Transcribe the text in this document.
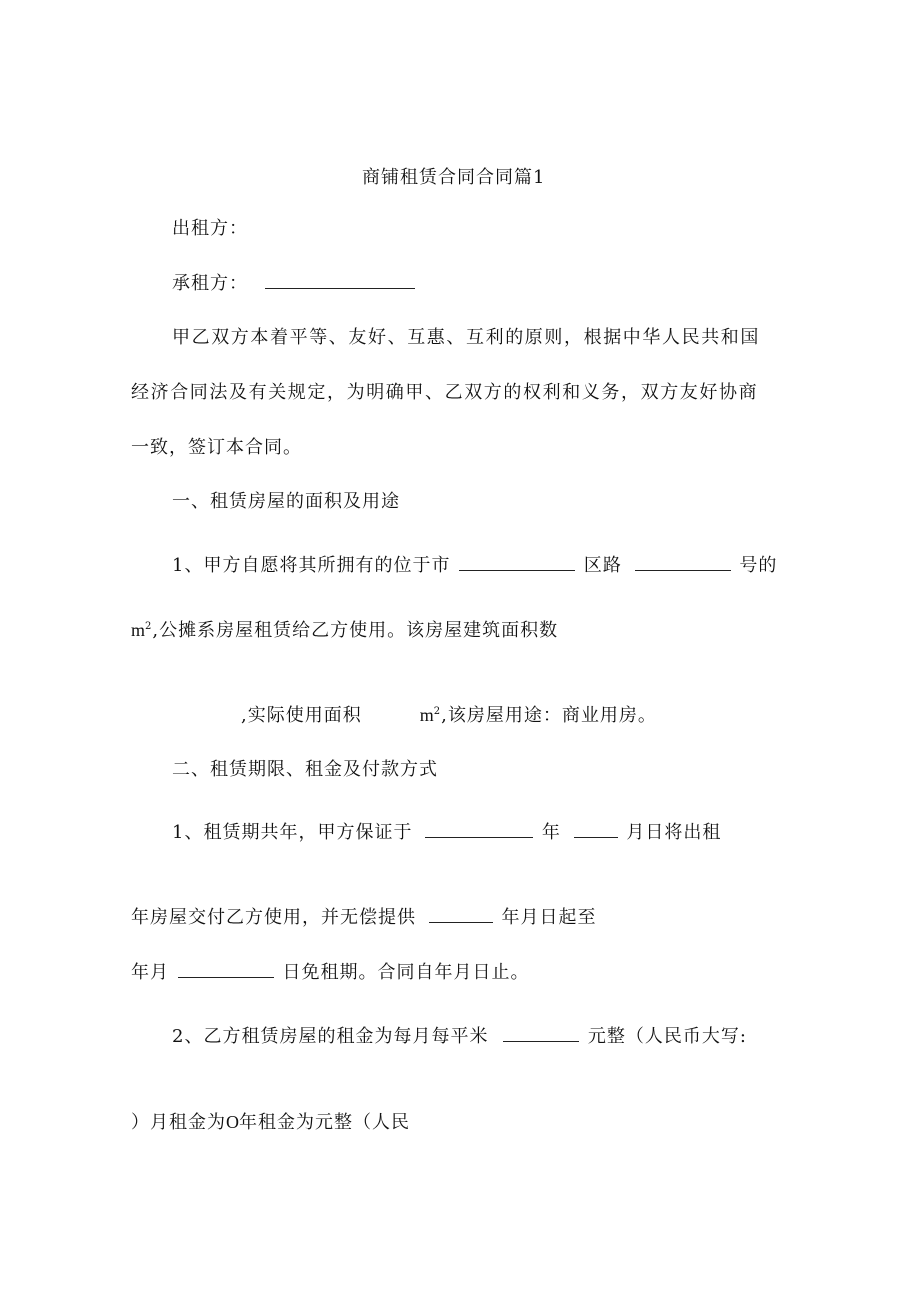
商铺租赁合同合同篇1
出租方：
承租方：
甲乙双方本着平等、友好、互惠、互利的原则，根据中华人民共和国
经济合同法及有关规定，为明确甲、乙双方的权利和义务，双方友好协商
一致，签订本合同。
一、租赁房屋的面积及用途
1、甲方自愿将其所拥有的位于市	区路	号的
$m^2$,公摊系房屋租赁给乙方使用。该房屋建筑面积数
,实际使用面积	$m^2$,该房屋用途：商业用房。
二、租赁期限、租金及付款方式
1、租赁期共年，甲方保证于	年	月日将出租
年房屋交付乙方使用，并无偿提供	年月日起至
年月	日免租期。合同自年月日止。
2、乙方租赁房屋的租金为每月每平米	元整（人民币大写:
）月租金为O年租金为元整（人民
